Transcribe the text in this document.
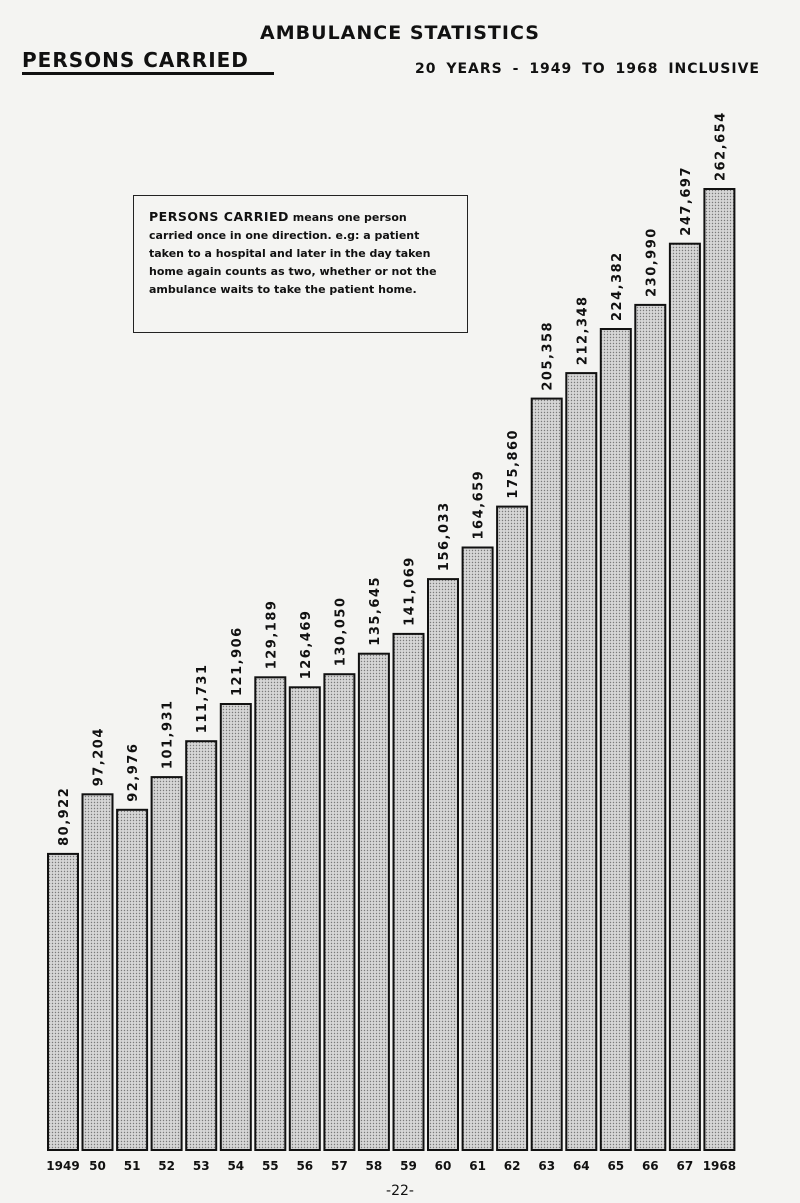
AMBULANCE STATISTICS
PERSONS CARRIED	20 YEARS - 1949 TO 1968 INCLUSIVE
80,922
97,204 92,976
101,931
111,731
121,906 129,189 126,469 130,050 135,645 141,069
156,033 164,659
175,860
205,358 212,348
224,382 230,990
247,697
262,654
1949 50 51 52 53 54 55 56 57 58 59 60 61 62 63 64 65 66 67 1968
PERSONS CARRIED means one person carried once in one direction. e.g: a patient taken to a hospital and later in the day taken home again counts as two, whether or not the ambulance waits to take the patient home.
-22-
